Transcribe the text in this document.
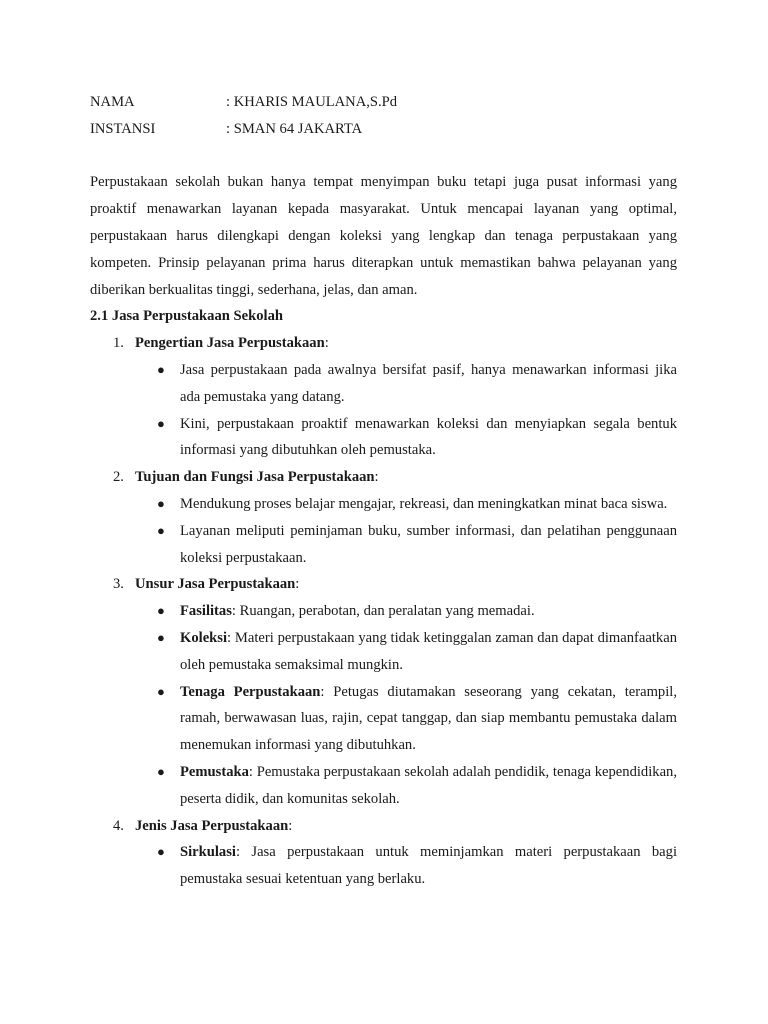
NAMA	: KHARIS MAULANA,S.Pd
INSTANSI	: SMAN 64 JAKARTA

Perpustakaan sekolah bukan hanya tempat menyimpan buku tetapi juga pusat informasi yang proaktif menawarkan layanan kepada masyarakat. Untuk mencapai layanan yang optimal, perpustakaan harus dilengkapi dengan koleksi yang lengkap dan tenaga perpustakaan yang kompeten. Prinsip pelayanan prima harus diterapkan untuk memastikan bahwa pelayanan yang diberikan berkualitas tinggi, sederhana, jelas, dan aman.

2.1 Jasa Perpustakaan Sekolah

1. Pengertian Jasa Perpustakaan:
● Jasa perpustakaan pada awalnya bersifat pasif, hanya menawarkan informasi jika ada pemustaka yang datang.
● Kini, perpustakaan proaktif menawarkan koleksi dan menyiapkan segala bentuk informasi yang dibutuhkan oleh pemustaka.
2. Tujuan dan Fungsi Jasa Perpustakaan:
● Mendukung proses belajar mengajar, rekreasi, dan meningkatkan minat baca siswa.
● Layanan meliputi peminjaman buku, sumber informasi, dan pelatihan penggunaan koleksi perpustakaan.
3. Unsur Jasa Perpustakaan:
● Fasilitas: Ruangan, perabotan, dan peralatan yang memadai.
● Koleksi: Materi perpustakaan yang tidak ketinggalan zaman dan dapat dimanfaatkan oleh pemustaka semaksimal mungkin.
● Tenaga Perpustakaan: Petugas diutamakan seseorang yang cekatan, terampil, ramah, berwawasan luas, rajin, cepat tanggap, dan siap membantu pemustaka dalam menemukan informasi yang dibutuhkan.
● Pemustaka: Pemustaka perpustakaan sekolah adalah pendidik, tenaga kependidikan, peserta didik, dan komunitas sekolah.
4. Jenis Jasa Perpustakaan:
● Sirkulasi: Jasa perpustakaan untuk meminjamkan materi perpustakaan bagi pemustaka sesuai ketentuan yang berlaku.
